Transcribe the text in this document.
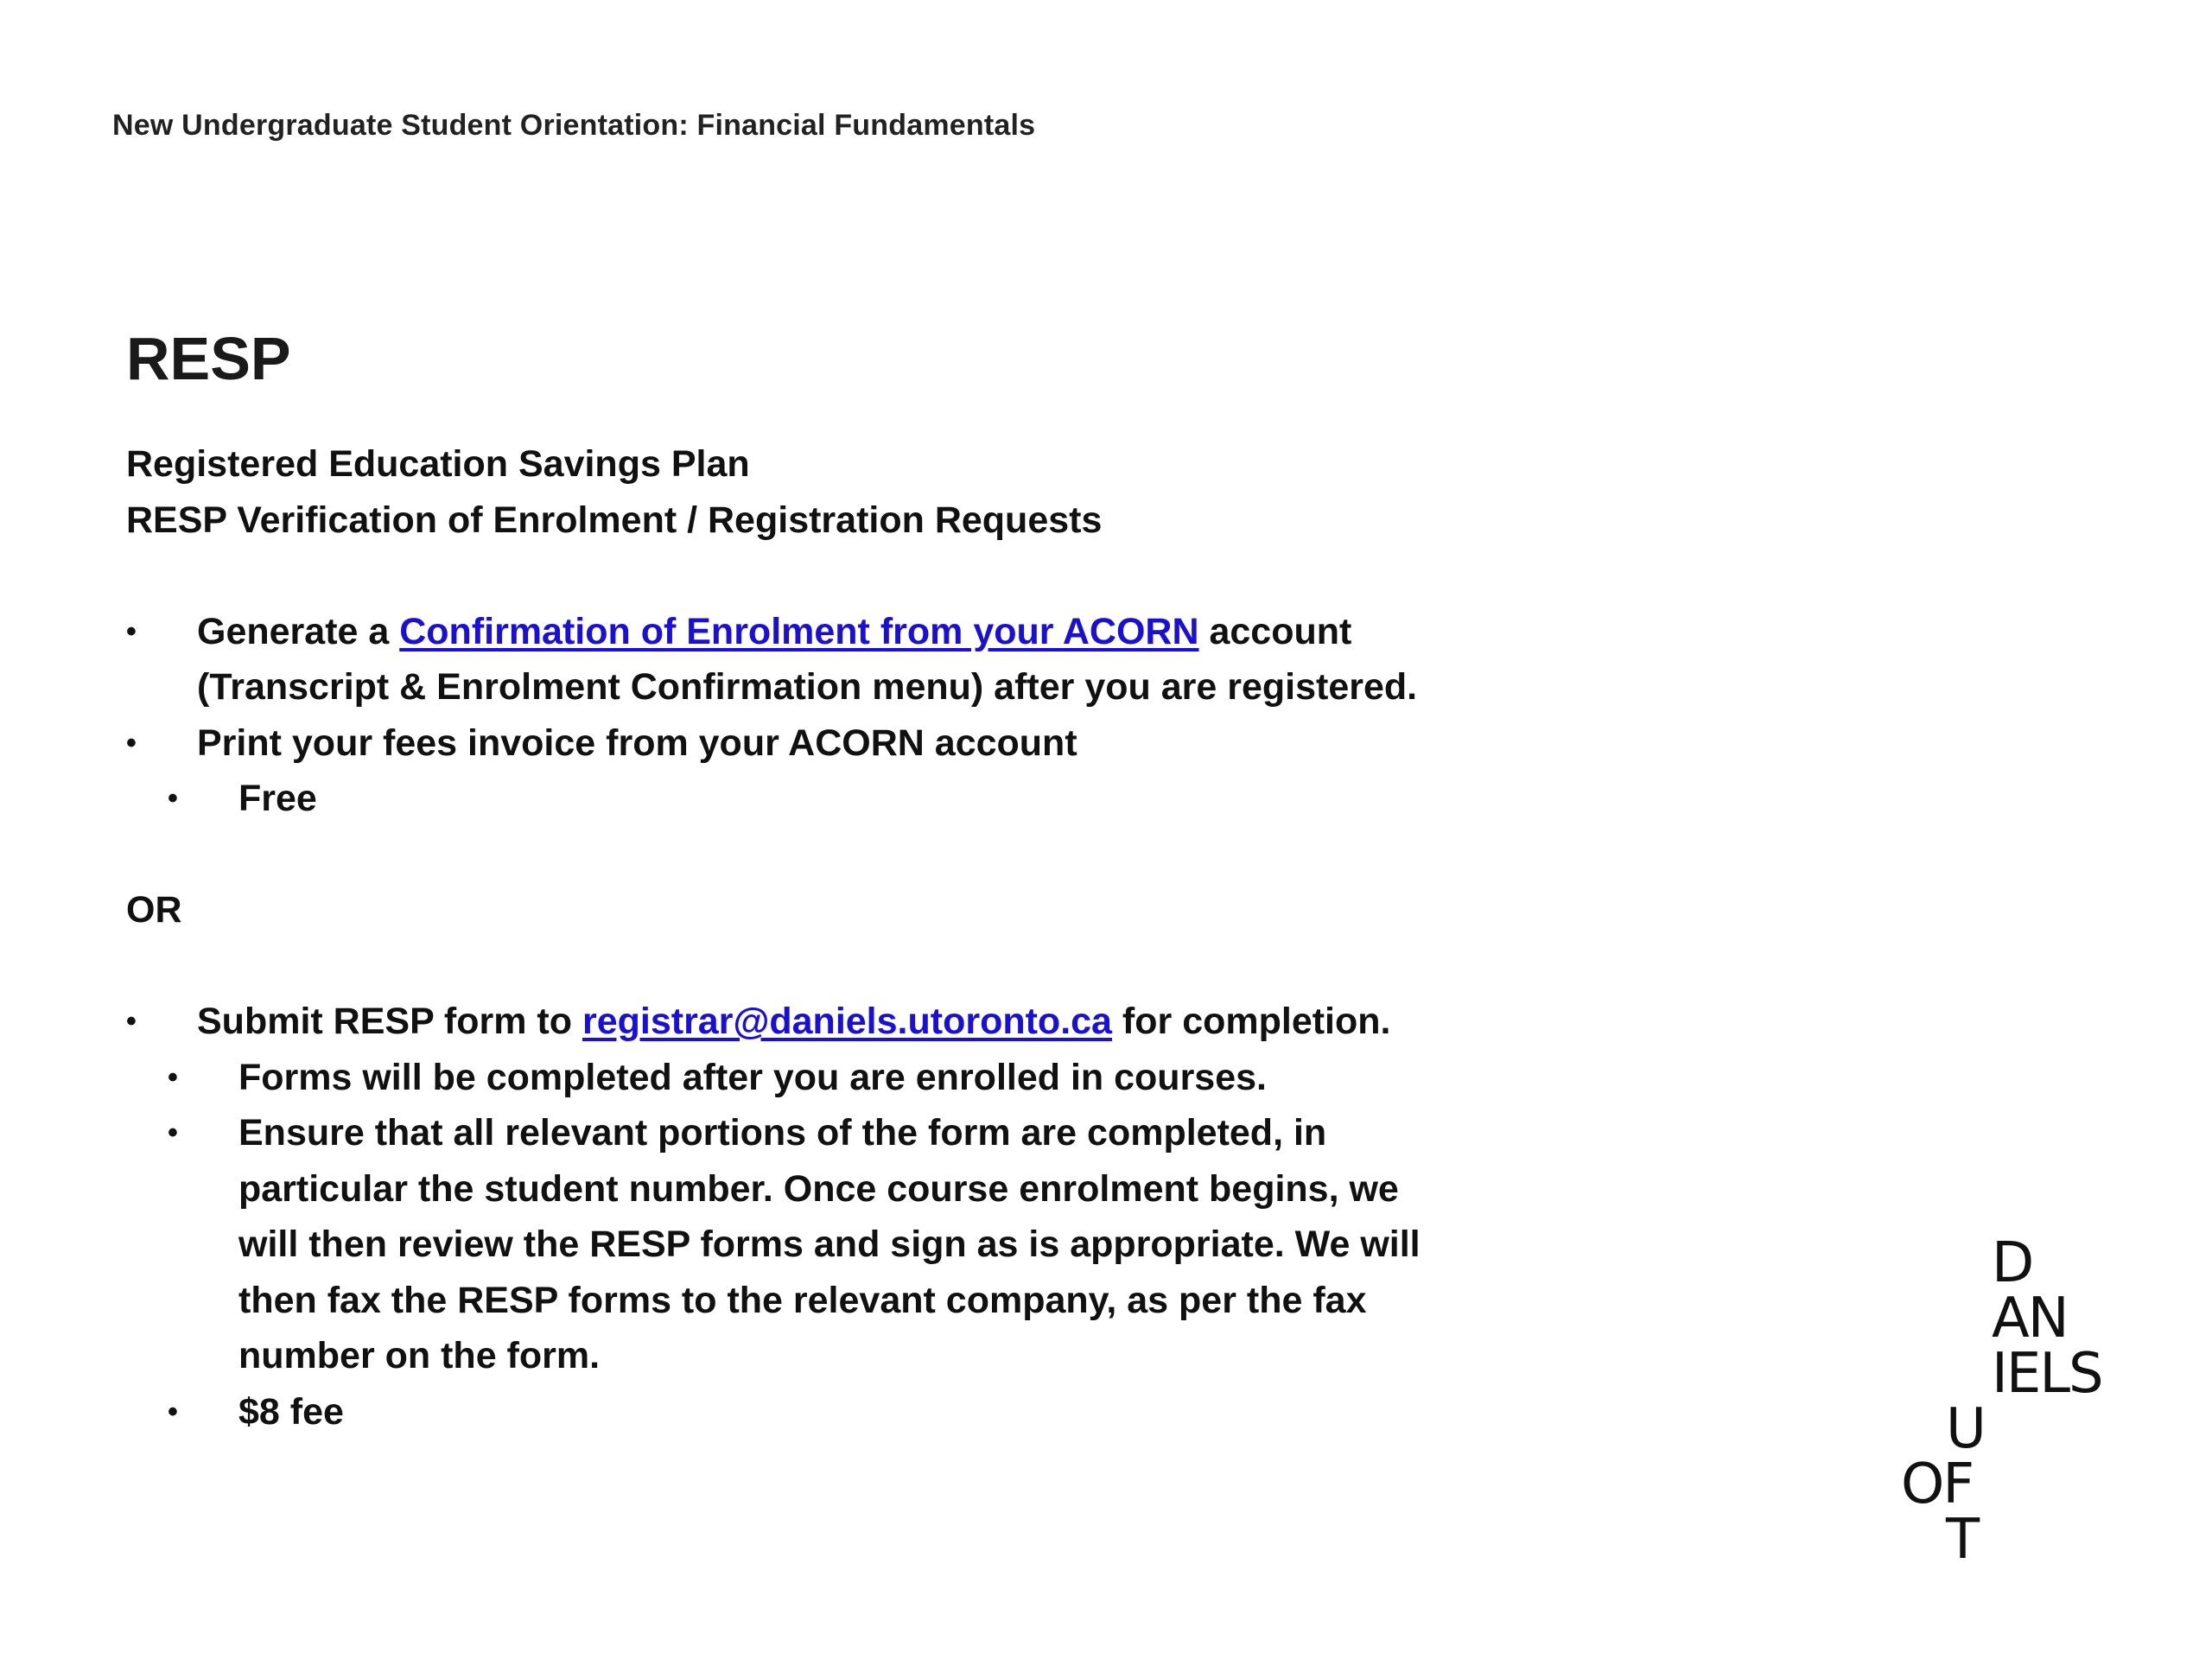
New Undergraduate Student Orientation: Financial Fundamentals
RESP

Registered Education Savings Plan

RESP Verification of Enrolment / Registration Requests

• Generate a Confirmation of Enrolment from your ACORN account (Transcript & Enrolment Confirmation menu) after you are registered.
• Print your fees invoice from your ACORN account
• Free

OR

• Submit RESP form to registrar@daniels.utoronto.ca for completion.
• Forms will be completed after you are enrolled in courses.
• Ensure that all relevant portions of the form are completed, in particular the student number. Once course enrolment begins, we will then review the RESP forms and sign as is appropriate. We will then fax the RESP forms to the relevant company, as per the fax number on the form.
• $8 fee
D
AN
IELS
U
OF
T
